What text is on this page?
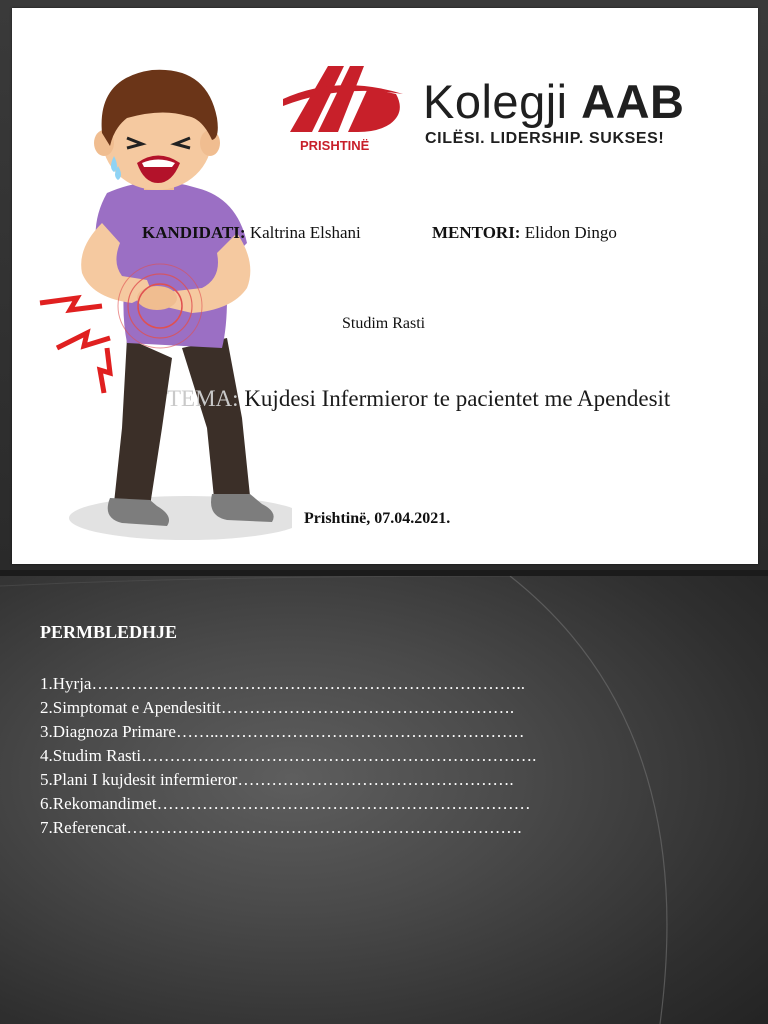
PRISHTINË
Kolegji AAB
CILËSI. LIDERSHIP. SUKSES!
KANDIDATI: Kaltrina Elshani	MENTORI: Elidon Dingo
Studim Rasti
TEMA: Kujdesi Infermieror te pacientet me Apendesit
Prishtinë, 07.04.2021.
PERMBLEDHJE
1.Hyrja…………………………………………………………………..
2.Simptomat e Apendesitit…………………………………………….
3.Diagnoza Primare……..………………………………………………
4.Studim Rasti…………………………………………………………….
5.Plani I kujdesit infermieror………………………………………….
6.Rekomandimet…………………………………………………………
7.Referencat…………………………………………………………….
